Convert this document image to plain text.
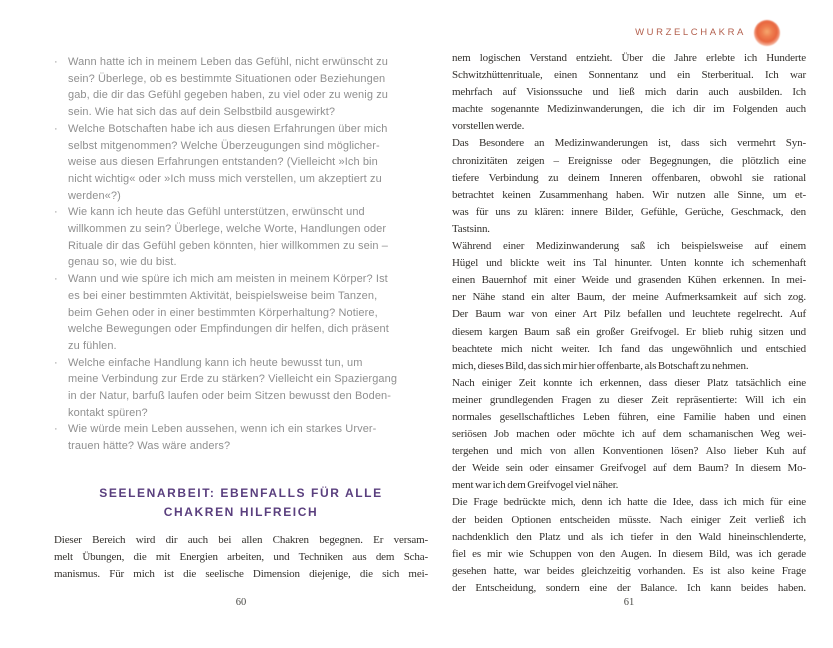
· Wann hatte ich in meinem Leben das Gefühl, nicht erwünscht zu
sein? Überlege, ob es bestimmte Situationen oder Beziehungen
gab, die dir das Gefühl gegeben haben, zu viel oder zu wenig zu
sein. Wie hat sich das auf dein Selbstbild ausgewirkt?
· Welche Botschaften habe ich aus diesen Erfahrungen über mich
selbst mitgenommen? Welche Überzeugungen sind möglicher-
weise aus diesen Erfahrungen entstanden? (Vielleicht »Ich bin
nicht wichtig« oder »Ich muss mich verstellen, um akzeptiert zu
werden«?)
· Wie kann ich heute das Gefühl unterstützen, erwünscht und
willkommen zu sein? Überlege, welche Worte, Handlungen oder
Rituale dir das Gefühl geben könnten, hier willkommen zu sein –
genau so, wie du bist.
· Wann und wie spüre ich mich am meisten in meinem Körper? Ist
es bei einer bestimmten Aktivität, beispielsweise beim Tanzen,
beim Gehen oder in einer bestimmten Körperhaltung? Notiere,
welche Bewegungen oder Empfindungen dir helfen, dich präsent
zu fühlen.
· Welche einfache Handlung kann ich heute bewusst tun, um
meine Verbindung zur Erde zu stärken? Vielleicht ein Spaziergang
in der Natur, barfuß laufen oder beim Sitzen bewusst den Boden-
kontakt spüren?
· Wie würde mein Leben aussehen, wenn ich ein starkes Urver-
trauen hätte? Was wäre anders?
SEELENARBEIT: EBENFALLS FÜR ALLE
CHAKREN HILFREICH
Dieser Bereich wird dir auch bei allen Chakren begegnen. Er versam-
melt Übungen, die mit Energien arbeiten, und Techniken aus dem Scha-
manismus. Für mich ist die seelische Dimension diejenige, die sich mei-
60
WURZELCHAKRA
nem logischen Verstand entzieht. Über die Jahre erlebte ich Hunderte
Schwitzhüttenrituale, einen Sonnentanz und ein Sterberitual. Ich war
mehrfach auf Visionssuche und ließ mich darin auch ausbilden. Ich
machte sogenannte Medizinwanderungen, die ich dir im Folgenden auch
vorstellen werde.
Das Besondere an Medizinwanderungen ist, dass sich vermehrt Syn-
chronizitäten zeigen – Ereignisse oder Begegnungen, die plötzlich eine
tiefere Verbindung zu deinem Inneren offenbaren, obwohl sie rational
betrachtet keinen Zusammenhang haben. Wir nutzen alle Sinne, um et-
was für uns zu klären: innere Bilder, Gefühle, Gerüche, Geschmack, den
Tastsinn.
Während einer Medizinwanderung saß ich beispielsweise auf einem
Hügel und blickte weit ins Tal hinunter. Unten konnte ich schemenhaft
einen Bauernhof mit einer Weide und grasenden Kühen erkennen. In mei-
ner Nähe stand ein alter Baum, der meine Aufmerksamkeit auf sich zog.
Der Baum war von einer Art Pilz befallen und leuchtete regelrecht. Auf
diesem kargen Baum saß ein großer Greifvogel. Er blieb ruhig sitzen und
beachtete mich nicht weiter. Ich fand das ungewöhnlich und entschied
mich, dieses Bild, das sich mir hier offenbarte, als Botschaft zu nehmen.
Nach einiger Zeit konnte ich erkennen, dass dieser Platz tatsächlich eine
meiner grundlegenden Fragen zu dieser Zeit repräsentierte: Will ich ein
normales gesellschaftliches Leben führen, eine Familie haben und einen
seriösen Job machen oder möchte ich auf dem schamanischen Weg wei-
tergehen und mich von allen Konventionen lösen? Also lieber Kuh auf
der Weide sein oder einsamer Greifvogel auf dem Baum? In diesem Mo-
ment war ich dem Greifvogel viel näher.
Die Frage bedrückte mich, denn ich hatte die Idee, dass ich mich für eine
der beiden Optionen entscheiden müsste. Nach einiger Zeit verließ ich
nachdenklich den Platz und als ich tiefer in den Wald hineinschlenderte,
fiel es mir wie Schuppen von den Augen. In diesem Bild, was ich gerade
gesehen hatte, war beides gleichzeitig vorhanden. Es ist also keine Frage
der Entscheidung, sondern eine der Balance. Ich kann beides haben.
61
